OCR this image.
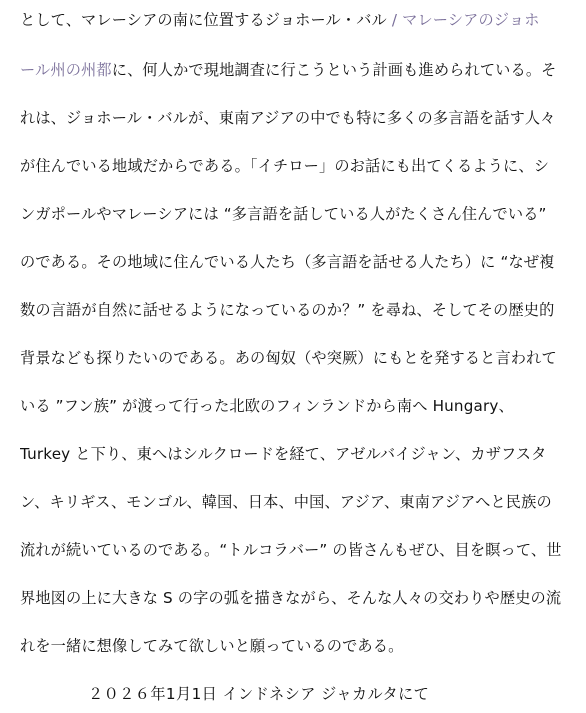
として、マレーシアの南に位置するジョホール・バル / マレーシアのジョホ
ール州の州都に、何人かで現地調査に行こうという計画も進められている。そ
れは、ジョホール・バルが、東南アジアの中でも特に多くの多言語を話す人々
が住んでいる地域だからである。「イチロー」のお話にも出てくるように、シ
ンガポールやマレーシアには “多言語を話している人がたくさん住んでいる”
のである。その地域に住んでいる人たち（多言語を話せる人たち）に “なぜ複
数の言語が自然に話せるようになっているのか？” を尋ね、そしてその歴史的
背景なども探りたいのである。あの匈奴（や突厥）にもとを発すると言われて
いる ”フン族” が渡って行った北欧のフィンランドから南へ Hungary、
Turkey と下り、東へはシルクロードを経て、アゼルバイジャン、カザフスタ
ン、キリギス、モンゴル、韓国、日本、中国、アジア、東南アジアへと民族の
流れが続いているのである。“トルコラバー” の皆さんもぜひ、目を瞑って、世
界地図の上に大きな S の字の弧を描きながら、そんな人々の交わりや歴史の流
れを一緒に想像してみて欲しいと願っているのである。
２０２６年1月1日 インドネシア ジャカルタにて
